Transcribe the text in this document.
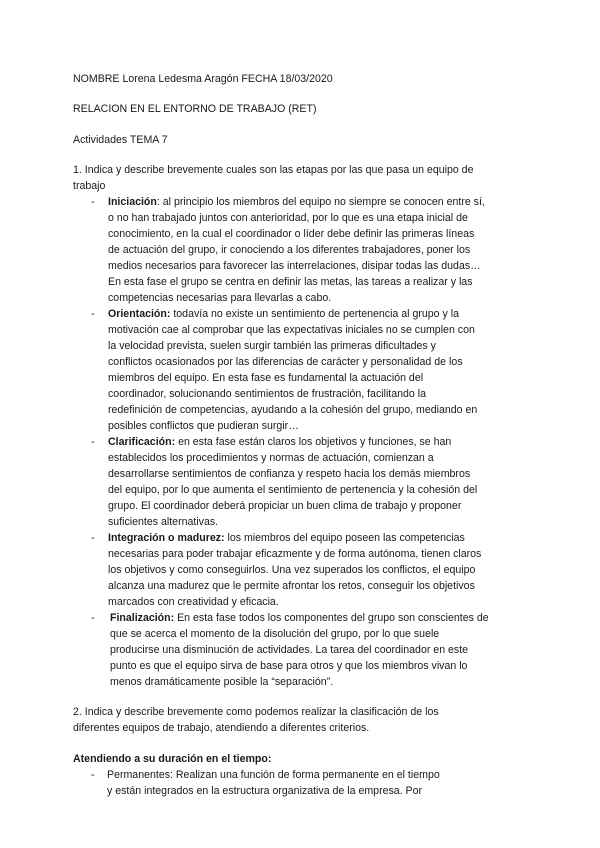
NOMBRE Lorena Ledesma Aragón FECHA 18/03/2020
RELACION EN EL ENTORNO DE TRABAJO (RET)
Actividades TEMA 7
1. Indica y describe brevemente cuales son las etapas por las que pasa un equipo de
trabajo
- Iniciación: al principio los miembros del equipo no siempre se conocen entre sí,
o no han trabajado juntos con anterioridad, por lo que es una etapa inicial de
conocimiento, en la cual el coordinador o líder debe definir las primeras líneas
de actuación del grupo, ir conociendo a los diferentes trabajadores, poner los
medios necesarios para favorecer las interrelaciones, disipar todas las dudas…
En esta fase el grupo se centra en definir las metas, las tareas a realizar y las
competencias necesarias para llevarlas a cabo.
- Orientación: todavía no existe un sentimiento de pertenencia al grupo y la
motivación cae al comprobar que las expectativas iniciales no se cumplen con
la velocidad prevista, suelen surgir también las primeras dificultades y
conflictos ocasionados por las diferencias de carácter y personalidad de los
miembros del equipo. En esta fase es fundamental la actuación del
coordinador, solucionando sentimientos de frustración, facilitando la
redefinición de competencias, ayudando a la cohesión del grupo, mediando en
posibles conflictos que pudieran surgir…
- Clarificación: en esta fase están claros los objetivos y funciones, se han
establecidos los procedimientos y normas de actuación, comienzan a
desarrollarse sentimientos de confianza y respeto hacia los demás miembros
del equipo, por lo que aumenta el sentimiento de pertenencia y la cohesión del
grupo. El coordinador deberá propiciar un buen clima de trabajo y proponer
suficientes alternativas.
- Integración o madurez: los miembros del equipo poseen las competencias
necesarias para poder trabajar eficazmente y de forma autónoma, tienen claros
los objetivos y como conseguirlos. Una vez superados los conflictos, el equipo
alcanza una madurez que le permite afrontar los retos, conseguir los objetivos
marcados con creatividad y eficacia.
- Finalización: En esta fase todos los componentes del grupo son conscientes de
que se acerca el momento de la disolución del grupo, por lo que suele
producirse una disminución de actividades. La tarea del coordinador en este
punto es que el equipo sirva de base para otros y que los miembros vivan lo
menos dramáticamente posible la “separación”.
2. Indica y describe brevemente como podemos realizar la clasificación de los
diferentes equipos de trabajo, atendiendo a diferentes criterios.
Atendiendo a su duración en el tiempo:
- Permanentes: Realizan una función de forma permanente en el tiempo
y están integrados en la estructura organizativa de la empresa. Por
